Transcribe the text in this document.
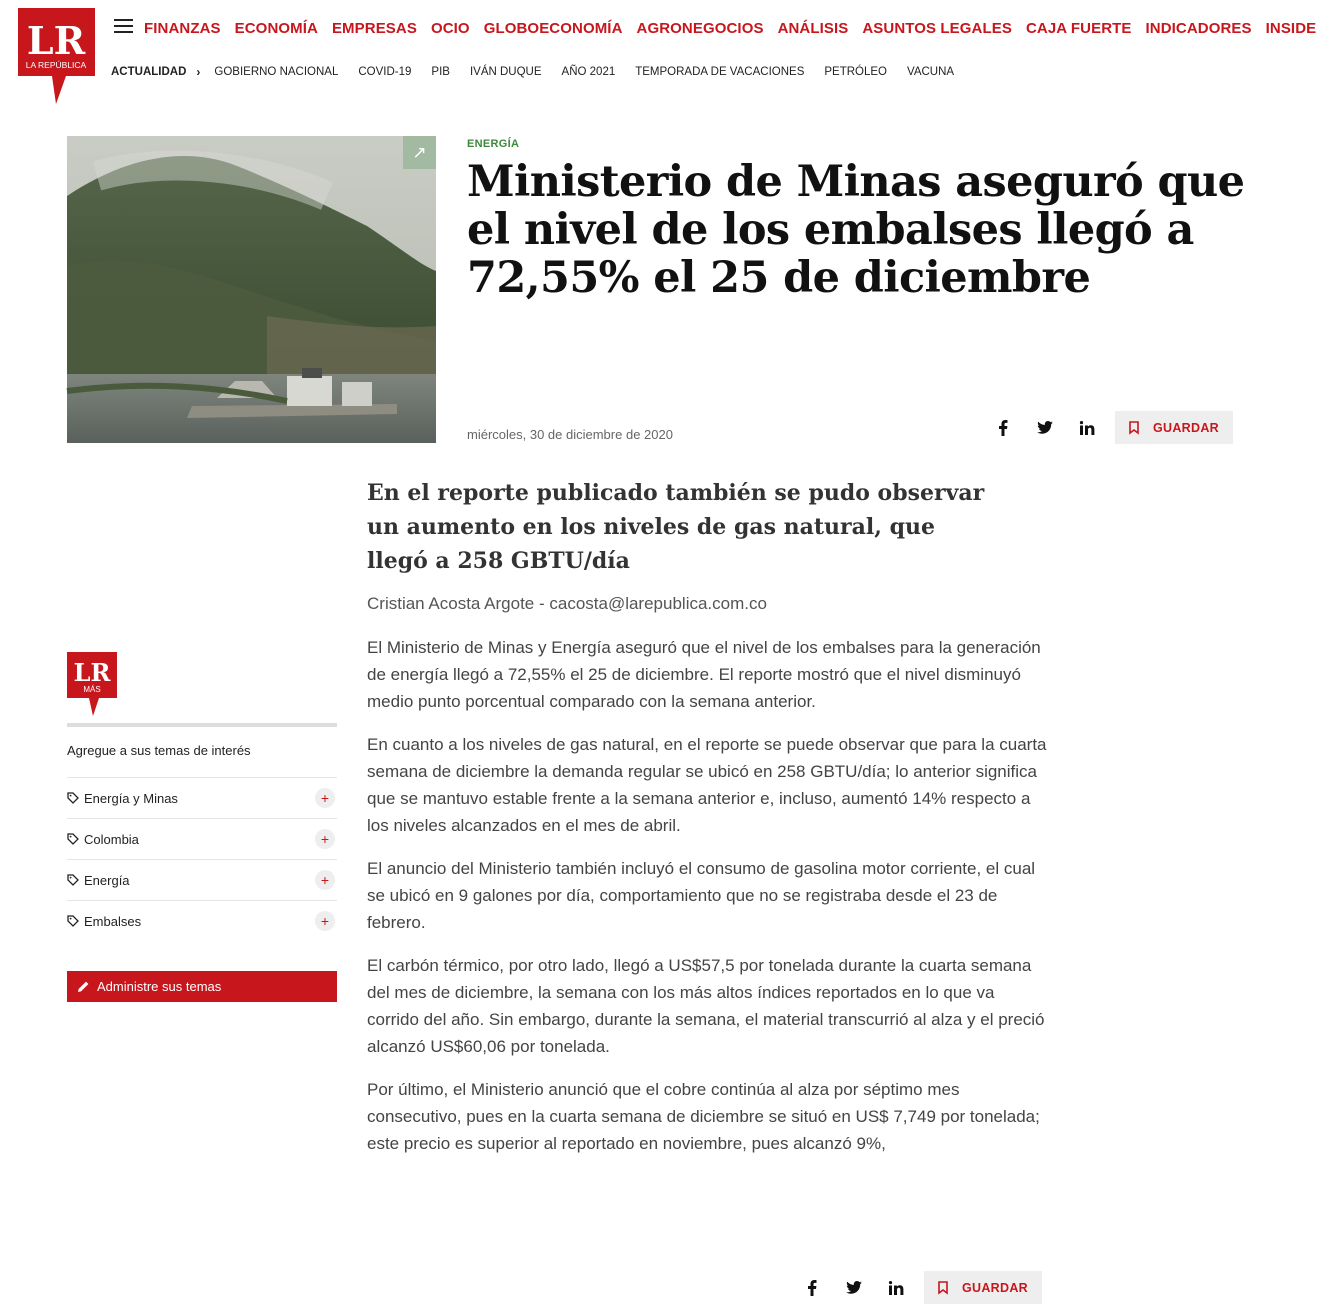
LR
LA REPÚBLICA
FINANZAS ECONOMÍA EMPRESAS OCIO GLOBOECONOMÍA AGRONEGOCIOS ANÁLISIS ASUNTOS LEGALES CAJA FUERTE INDICADORES INSIDE
ACTUALIDAD › GOBIERNO NACIONAL COVID-19 PIB IVÁN DUQUE AÑO 2021 TEMPORADA DE VACACIONES PETRÓLEO VACUNA
↗	ENERGÍA
Ministerio de Minas aseguró que el nivel de los embalses llegó a 72,55% el 25 de diciembre
miércoles, 30 de diciembre de 2020	GUARDAR
En el reporte publicado también se pudo observar un aumento en los niveles de gas natural, que llegó a 258 GBTU/día
Cristian Acosta Argote - cacosta@larepublica.com.co

El Ministerio de Minas y Energía aseguró que el nivel de los embalses para la generación de energía llegó a 72,55% el 25 de diciembre. El reporte mostró que el nivel disminuyó medio punto porcentual comparado con la semana anterior.

En cuanto a los niveles de gas natural, en el reporte se puede observar que para la cuarta semana de diciembre la demanda regular se ubicó en 258 GBTU/día; lo anterior significa que se mantuvo estable frente a la semana anterior e, incluso, aumentó 14% respecto a los niveles alcanzados en el mes de abril.

El anuncio del Ministerio también incluyó el consumo de gasolina motor corriente, el cual se ubicó en 9 galones por día, comportamiento que no se registraba desde el 23 de febrero.

El carbón térmico, por otro lado, llegó a US$57,5 por tonelada durante la cuarta semana del mes de diciembre, la semana con los más altos índices reportados en lo que va corrido del año. Sin embargo, durante la semana, el material transcurrió al alza y el preció alcanzó US$60,06 por tonelada.

Por último, el Ministerio anunció que el cobre continúa al alza por séptimo mes consecutivo, pues en la cuarta semana de diciembre se situó en US$ 7,749 por tonelada; este precio es superior al reportado en noviembre, pues alcanzó 9%,

GUARDAR
LR
MÁS
Agregue a sus temas de interés
Energía y Minas	+
Colombia	+
Energía	+
Embalses	+
Administre sus temas
